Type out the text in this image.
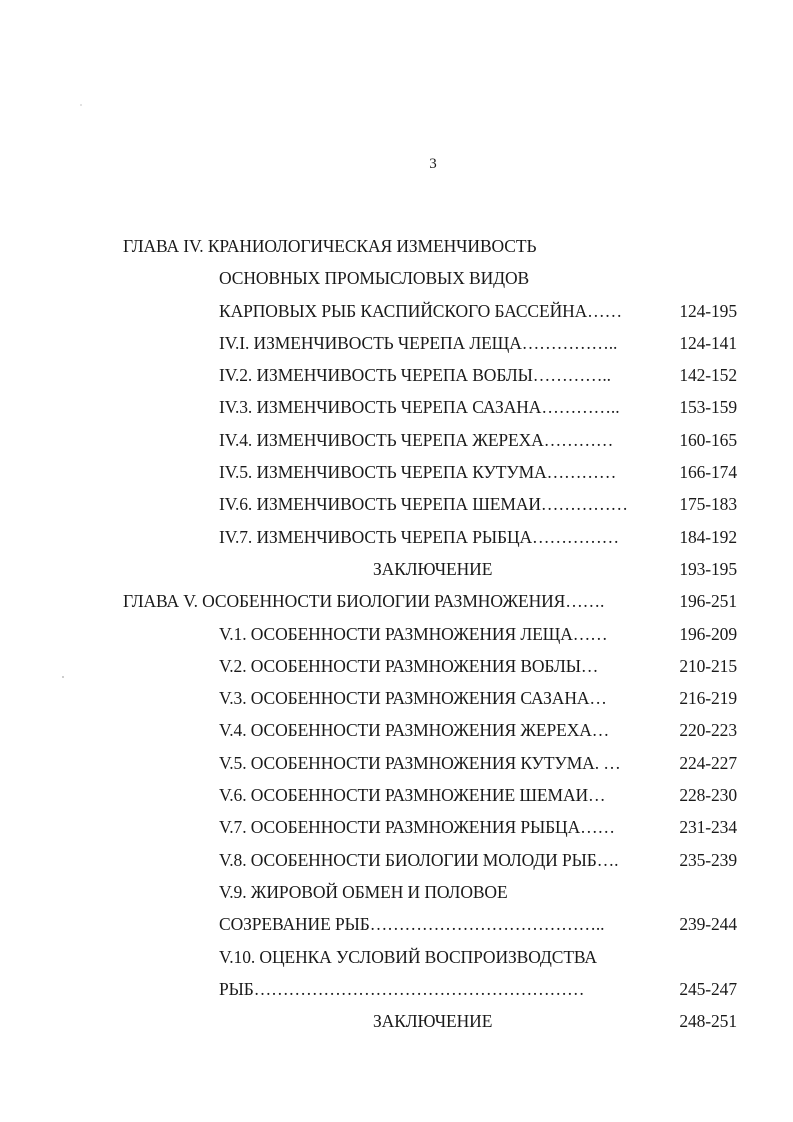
3
ГЛАВА IV. КРАНИОЛОГИЧЕСКАЯ ИЗМЕНЧИВОСТЬ
ОСНОВНЫХ ПРОМЫСЛОВЫХ ВИДОВ
КАРПОВЫХ РЫБ КАСПИЙСКОГО БАССЕЙНА……	124-195
IV.I. ИЗМЕНЧИВОСТЬ ЧЕРЕПА ЛЕЩА……………..	124-141
IV.2. ИЗМЕНЧИВОСТЬ ЧЕРЕПА ВОБЛЫ…………..	142-152
IV.3. ИЗМЕНЧИВОСТЬ ЧЕРЕПА САЗАНА…………..	153-159
IV.4. ИЗМЕНЧИВОСТЬ ЧЕРЕПА ЖЕРЕХА…………	160-165
IV.5. ИЗМЕНЧИВОСТЬ ЧЕРЕПА КУТУМА…………	166-174
IV.6. ИЗМЕНЧИВОСТЬ ЧЕРЕПА ШЕМАИ……………	175-183
IV.7. ИЗМЕНЧИВОСТЬ ЧЕРЕПА РЫБЦА……………	184-192
ЗАКЛЮЧЕНИЕ	193-195
ГЛАВА V. ОСОБЕННОСТИ БИОЛОГИИ РАЗМНОЖЕНИЯ…….	196-251
V.1. ОСОБЕННОСТИ РАЗМНОЖЕНИЯ ЛЕЩА……	196-209
V.2. ОСОБЕННОСТИ РАЗМНОЖЕНИЯ ВОБЛЫ…	210-215
V.3. ОСОБЕННОСТИ РАЗМНОЖЕНИЯ САЗАНА…	216-219
V.4. ОСОБЕННОСТИ РАЗМНОЖЕНИЯ ЖЕРЕХА…	220-223
V.5. ОСОБЕННОСТИ РАЗМНОЖЕНИЯ КУТУМА. …	224-227
V.6. ОСОБЕННОСТИ РАЗМНОЖЕНИЕ ШЕМАИ…	228-230
V.7. ОСОБЕННОСТИ РАЗМНОЖЕНИЯ РЫБЦА……	231-234
V.8. ОСОБЕННОСТИ БИОЛОГИИ МОЛОДИ РЫБ….	235-239
V.9. ЖИРОВОЙ ОБМЕН И ПОЛОВОЕ
СОЗРЕВАНИЕ РЫБ…………………………………..	239-244
V.10. ОЦЕНКА УСЛОВИЙ ВОСПРОИЗВОДСТВА
РЫБ…………………………………………………	245-247
ЗАКЛЮЧЕНИЕ	248-251
